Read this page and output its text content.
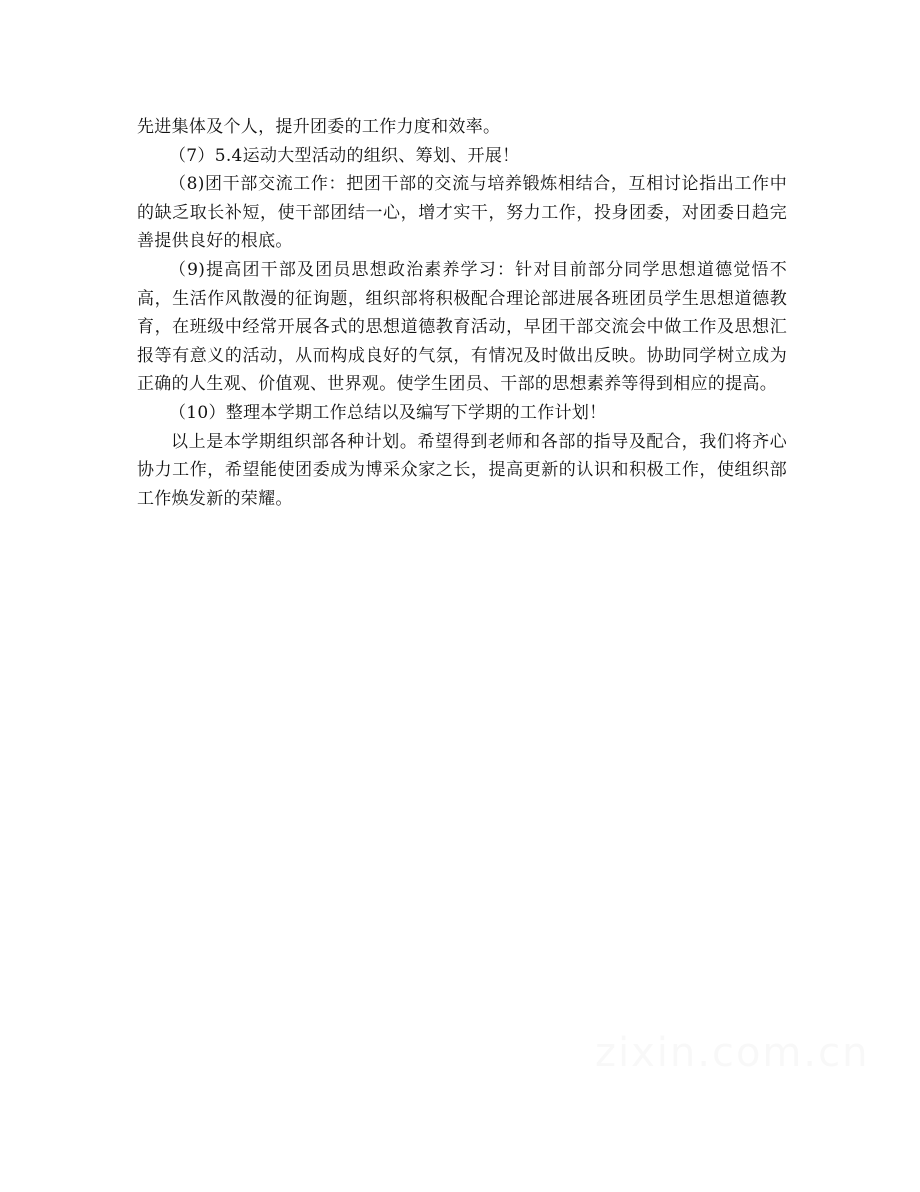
先进集体及个人，提升团委的工作力度和效率。

（7）5.4运动大型活动的组织、筹划、开展！

（8)团干部交流工作：把团干部的交流与培养锻炼相结合，互相讨论指出工作中的缺乏取长补短，使干部团结一心，增才实干，努力工作，投身团委，对团委日趋完善提供良好的根底。

（9)提高团干部及团员思想政治素养学习：针对目前部分同学思想道德觉悟不高，生活作风散漫的征询题，组织部将积极配合理论部进展各班团员学生思想道德教育，在班级中经常开展各式的思想道德教育活动，早团干部交流会中做工作及思想汇报等有意义的活动，从而构成良好的气氛，有情况及时做出反映。协助同学树立成为正确的人生观、价值观、世界观。使学生团员、干部的思想素养等得到相应的提高。

（10）整理本学期工作总结以及编写下学期的工作计划！

以上是本学期组织部各种计划。希望得到老师和各部的指导及配合，我们将齐心协力工作，希望能使团委成为博采众家之长，提高更新的认识和积极工作，使组织部工作焕发新的荣耀。

zixin.com.cn
